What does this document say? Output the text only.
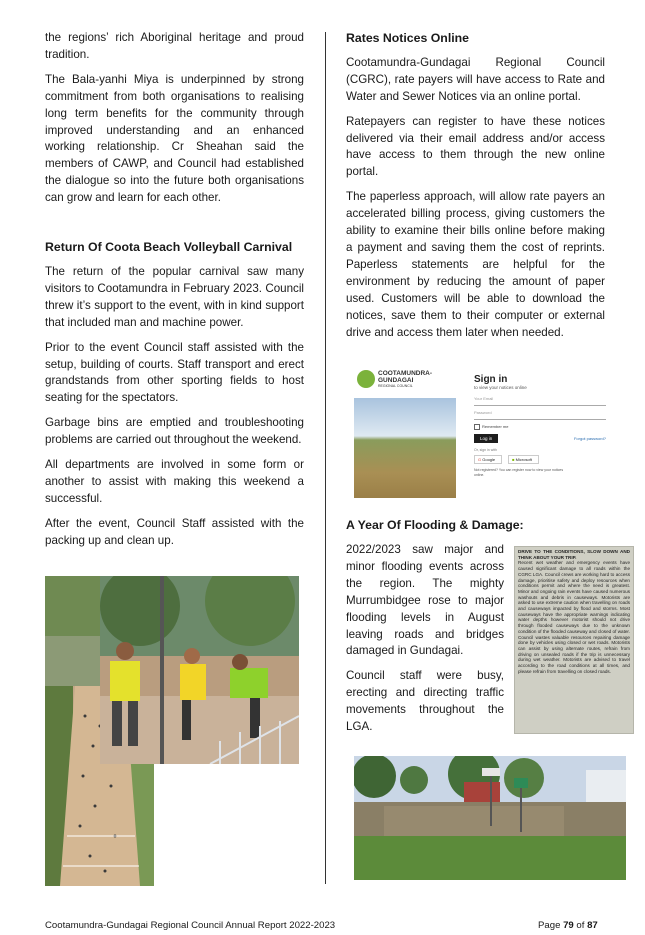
the regions’ rich Aboriginal heritage and proud tradition.

The Bala-yanhi Miya is underpinned by strong commitment from both organisations to realising long term benefits for the community through improved understanding and an enhanced working relationship. Cr Sheahan said the members of CAWP, and Council had established the dialogue so into the future both organisations can grow and learn for each other.

Return Of Coota Beach Volleyball Carnival

The return of the popular carnival saw many visitors to Cootamundra in February 2023. Council threw it’s support to the event, with in kind support that included man and machine power.

Prior to the event Council staff assisted with the setup, building of courts. Staff transport and erect grandstands from other sporting fields to host seating for the spectators.

Garbage bins are emptied and troubleshooting problems are carried out throughout the weekend.

All departments are involved in some form or another to assist with making this weekend a successful.

After the event, Council Staff assisted with the packing up and clean up.

Rates Notices Online

Cootamundra-Gundagai Regional Council (CGRC), rate payers will have access to Rate and Water and Sewer Notices via an online portal.

Ratepayers can register to have these notices delivered via their email address and/or access have access to them through the new online portal.

The paperless approach, will allow rate payers an accelerated billing process, giving customers the ability to examine their bills online before making a payment and saving them the cost of reprints. Paperless statements are helpful for the environment by reducing the amount of paper used. Customers will be able to download the notices, save them to their computer or external drive and access them later when needed.

COOTAMUNDRA-
GUNDAGAI
REGIONAL COUNCIL
Sign in
to view your notices online
Your Email
Password
Remember me
Log in	Forgot password?
Or, sign in with
G Google	■ Microsoft
Not registered? You can register now to view your notices online.
A Year Of Flooding & Damage:

2022/2023 saw major and minor flooding events across the region. The mighty Murrumbidgee rose to major flooding levels in August leaving roads and bridges damaged in Gundagai.

Council staff were busy, erecting and directing traffic movements throughout the LGA.

DRIVE TO THE CONDITIONS, SLOW DOWN AND THINK ABOUT YOUR TRIP.
Recent wet weather and emergency events have caused significant damage to all roads within the CGRC LGA. Council crews are working hard to access damage, prioritise safety and deploy resources when conditions permit and where the need is greatest. Minor and ongoing rain events have caused numerous washouts and debris in causeways. Motorists are asked to use extreme caution when travelling on roads and causeways impacted by flood and storms. Most causeways have the appropriate warnings indicating water depths however motorist should not drive through flooded causeways due to the unknown condition of the flooded causeway and closed of water. Council wastes valuable resources repairing damage done by vehicles using closed or wet roads. Motorists can assist by using alternate routes, refrain from driving on unsealed roads if the trip is unnecessary during wet weather. Motorists are advised to travel according to the road conditions at all times, and please refrain from travelling on closed roads.
Cootamundra-Gundagai Regional Council Annual Report 2022-2023	Page 79 of 87
